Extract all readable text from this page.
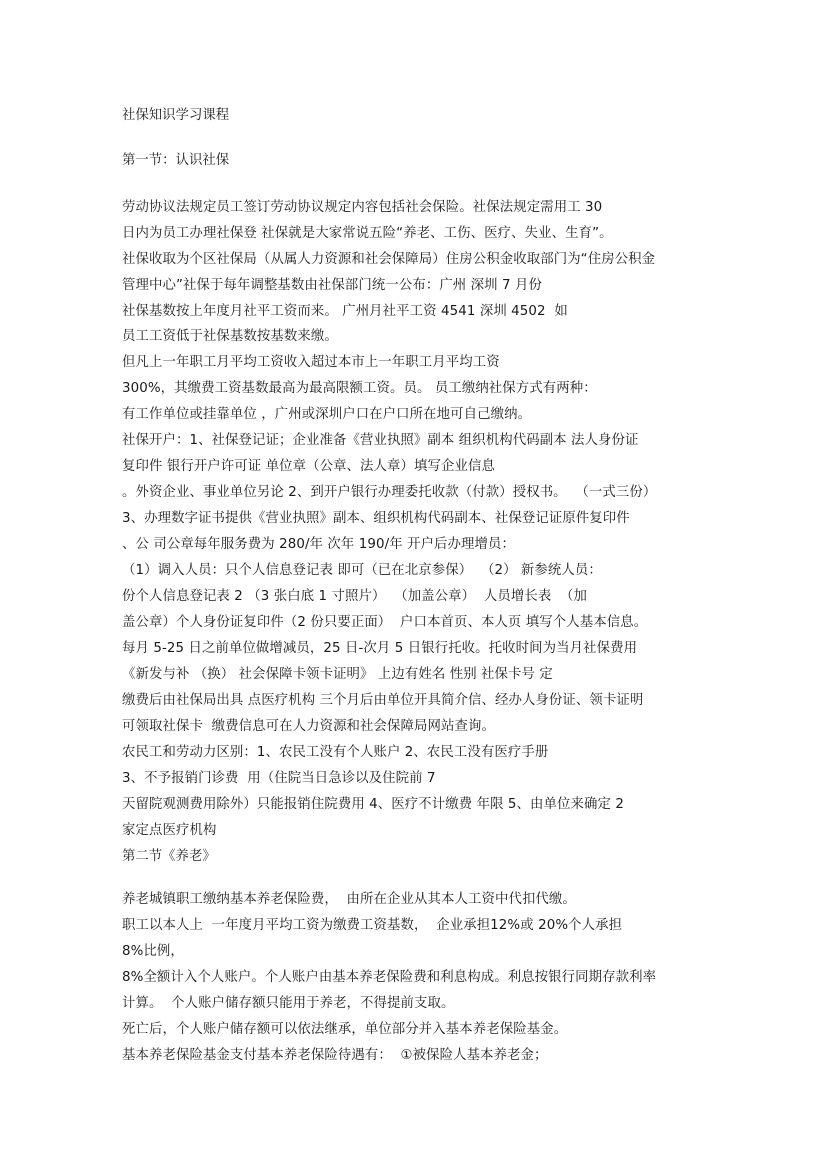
社保知识学习课程
第一节：认识社保
劳动协议法规定员工签订劳动协议规定内容包括社会保险。社保法规定需用工 30
日内为员工办理社保登 社保就是大家常说五险“养老、工伤、医疗、失业、生育”。
社保收取为个区社保局（从属人力资源和社会保障局）住房公积金收取部门为“住房公积金
管理中心”社保于每年调整基数由社保部门统一公布：广州 深圳 7 月份
社保基数按上年度月社平工资而来。 广州月社平工资 4541 深圳 4502  如
员工工资低于社保基数按基数来缴。
但凡上一年职工月平均工资收入超过本市上一年职工月平均工资
300%，其缴费工资基数最高为最高限额工资。员。 员工缴纳社保方式有两种：
有工作单位或挂靠单位 ，广州或深圳户口在户口所在地可自己缴纳。
社保开户：1、社保登记证；企业准备《营业执照》副本 组织机构代码副本 法人身份证
复印件 银行开户许可证 单位章（公章、法人章）填写企业信息
。外资企业、事业单位另论 2、到开户银行办理委托收款（付款）授权书。  （一式三份）
3、办理数字证书提供《营业执照》副本、组织机构代码副本、社保登记证原件复印件
、公 司公章每年服务费为 280/年 次年 190/年 开户后办理增员：
（1）调入人员：只个人信息登记表 即可（已在北京参保）  （2） 新参统人员：
份个人信息登记表 2 （3 张白底 1 寸照片）  （加盖公章）  人员增长表  （加
盖公章）个人身份证复印件（2 份只要正面）  户口本首页、本人页 填写个人基本信息。
每月 5-25 日之前单位做增减员，25 日-次月 5 日银行托收。托收时间为当月社保费用
《新发与补 （换） 社会保障卡领卡证明》 上边有姓名 性别 社保卡号 定
缴费后由社保局出具 点医疗机构 三个月后由单位开具简介信、经办人身份证、领卡证明
可领取社保卡  缴费信息可在人力资源和社会保障局网站查询。
农民工和劳动力区别：1、农民工没有个人账户 2、农民工没有医疗手册
3、不予报销门诊费  用（住院当日急诊以及住院前 7
天留院观测费用除外）只能报销住院费用 4、医疗不计缴费 年限 5、由单位来确定 2
家定点医疗机构
第二节《养老》
养老城镇职工缴纳基本养老保险费，  由所在企业从其本人工资中代扣代缴。
职工以本人上  一年度月平均工资为缴费工资基数，  企业承担12%或 20%个人承担
8%比例，
8%全额计入个人账户。个人账户由基本养老保险费和利息构成。利息按银行同期存款利率
计算。  个人账户储存额只能用于养老，不得提前支取。
死亡后，个人账户储存额可以依法继承，单位部分并入基本养老保险基金。
基本养老保险基金支付基本养老保险待遇有：  ①被保险人基本养老金；
